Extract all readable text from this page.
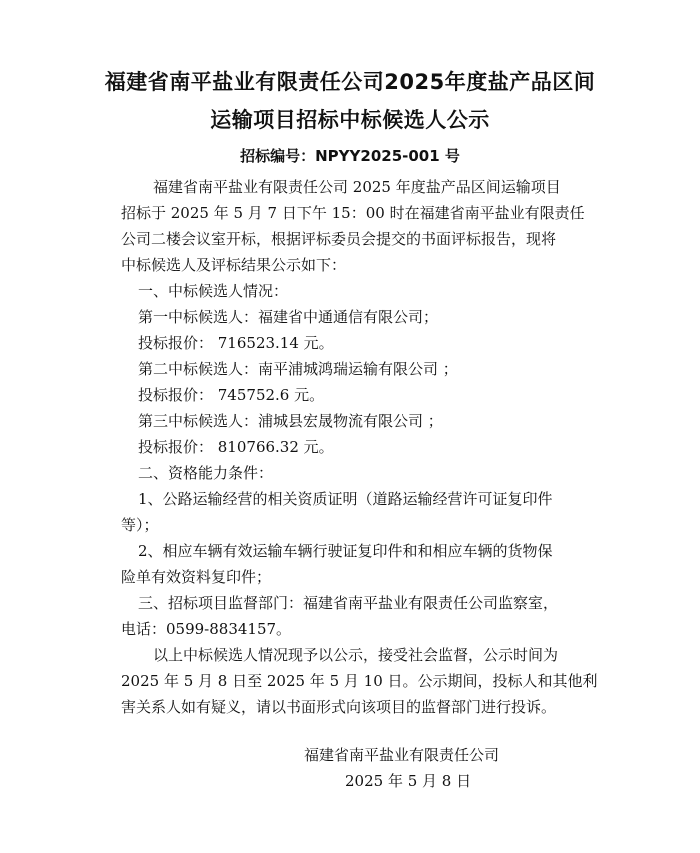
福建省南平盐业有限责任公司2025年度盐产品区间
运输项目招标中标候选人公示
招标编号：NPYY2025-001 号
福建省南平盐业有限责任公司 2025 年度盐产品区间运输项目
招标于 2025 年 5 月 7 日下午 15：00 时在福建省南平盐业有限责任
公司二楼会议室开标，根据评标委员会提交的书面评标报告，现将
中标候选人及评标结果公示如下：
一、中标候选人情况：
第一中标候选人：福建省中通通信有限公司；
投标报价： 716523.14 元。
第二中标候选人：南平浦城鸿瑞运输有限公司 ；
投标报价： 745752.6 元。
第三中标候选人：浦城县宏晟物流有限公司 ；
投标报价： 810766.32 元。
二、资格能力条件：
1、公路运输经营的相关资质证明（道路运输经营许可证复印件
等）；
2、相应车辆有效运输车辆行驶证复印件和和相应车辆的货物保
险单有效资料复印件；
三、招标项目监督部门：福建省南平盐业有限责任公司监察室，
电话：0599-8834157。
以上中标候选人情况现予以公示，接受社会监督，公示时间为
2025 年 5 月 8 日至 2025 年 5 月 10 日。公示期间，投标人和其他利
害关系人如有疑义，请以书面形式向该项目的监督部门进行投诉。
福建省南平盐业有限责任公司
2025 年 5 月 8 日
